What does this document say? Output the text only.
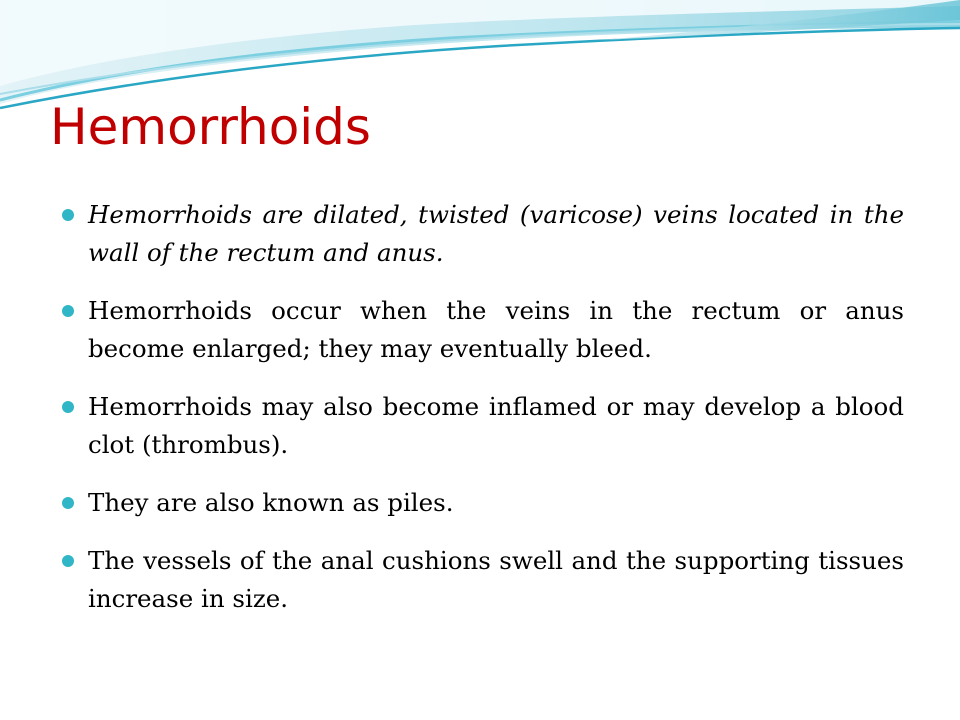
Hemorrhoids
Hemorrhoids are dilated, twisted (varicose) veins located in the wall of the rectum and anus.
Hemorrhoids occur when the veins in the rectum or anus become enlarged; they may eventually bleed.
Hemorrhoids may also become inflamed or may develop a blood clot (thrombus).
They are also known as piles.
The vessels of the anal cushions swell and the supporting tissues increase in size.
